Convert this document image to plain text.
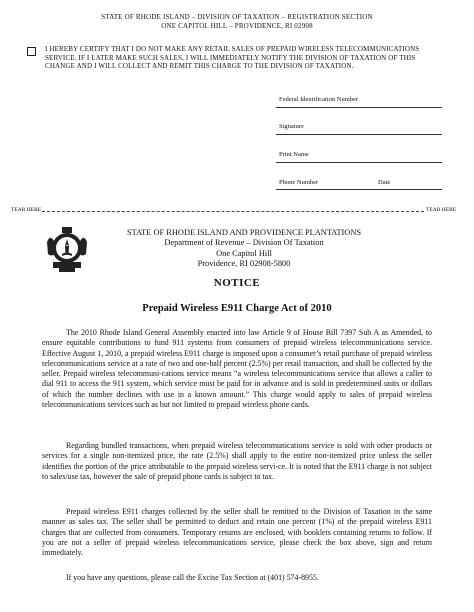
STATE OF RHODE ISLAND – DIVISION OF TAXATION – REGISTRATION SECTION
ONE CAPITOL HILL – PROVIDENCE, RI 02908
I HEREBY CERTIFY THAT I DO NOT MAKE ANY RETAIL SALES OF PREPAID WIRELESS TELECOMMUNICATIONS SERVICE. IF I LATER MAKE SUCH SALES, I WILL IMMEDIATELY NOTIFY THE DIVISION OF TAXATION OF THIS CHANGE AND I WILL COLLECT AND REMIT THIS CHARGE TO THE DIVISION OF TAXATION.
Federal Identification Number
Signature
Print Name
Phone Number	Date
TEAR HERE	TEAR HERE
STATE OF RHODE ISLAND AND PROVIDENCE PLANTATIONS
Department of Revenue – Division Of Taxation
One Capitol Hill
Providence, RI 02908-5800
NOTICE
Prepaid Wireless E911 Charge Act of 2010
The 2010 Rhode Island General Assembly enacted into law Article 9 of House Bill 7397 Sub A as Amended, to ensure equitable contributions to fund 911 systems from consumers of prepaid wireless telecommunications service. Effective August 1, 2010, a prepaid wireless E911 charge is imposed upon a consumer’s retail purchase of prepaid wireless telecommunications service at a rate of two and one-half percent (2.5%) per retail transaction, and shall be collected by the seller. Prepaid wireless telecommuni-cations service means “a wireless telecommunications service that allows a caller to dial 911 to access the 911 system, which service must be paid for in advance and is sold in predetermined units or dollars of which the number declines with use in a known amount.” This charge would apply to sales of prepaid wireless telecommunications services such as but not limited to prepaid wireless phone cards.
Regarding bundled transactions, when prepaid wireless telecommunications service is sold with other products or services for a single non-itemized price, the rate (2.5%) shall apply to the entire non-itemized price unless the seller identifies the portion of the price attributable to the prepaid wireless servi-ce. It is noted that the E911 charge is not subject to sales/use tax, however the sale of prepaid phone cards is subject to tax.
Prepaid wireless E911 charges collected by the seller shall be remitted to the Division of Taxation in the same manner as sales tax. The seller shall be permitted to deduct and retain one percent (1%) of the prepaid wireless E911 charges that are collected from consumers. Temporary returns are enclosed, with booklets containing returns to follow. If you are not a seller of prepaid wireless telecommunications service, please check the box above, sign and return immediately.
If you have any questions, please call the Excise Tax Section at (401) 574-8955.
